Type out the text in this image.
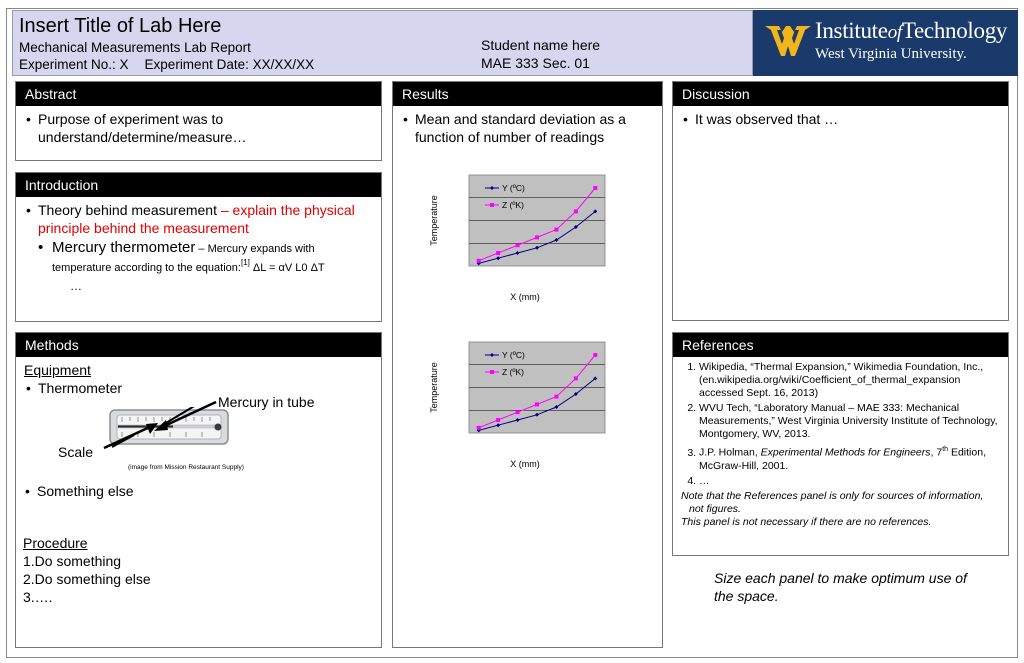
Insert Title of Lab Here
Mechanical Measurements Lab Report
Experiment No.: X Experiment Date: XX/XX/XX
Student name here
MAE 333 Sec. 01
InstituteofTechnology
West Virginia University.
Abstract
• Purpose of experiment was to understand/determine/measure…
Introduction
• Theory behind measurement – explain the physical principle behind the measurement
• Mercury thermometer – Mercury expands with temperature according to the equation:[1] ΔL = αV L0 ΔT
…
Methods
Equipment
• Thermometer
Mercury in tube
Scale
(image from Mission Restaurant Supply)
• Something else
Procedure
1.Do something
2.Do something else
3.….
Results
• Mean and standard deviation as a function of number of readings
Y (ºC)
Z (ºK)
X (mm)
Temperature
Y (ºC)
Z (ºK)
X (mm)
Temperature
Discussion
• It was observed that …
References
1. Wikipedia, “Thermal Expansion,” Wikimedia Foundation, Inc., (en.wikipedia.org/wiki/Coefficient_of_thermal_expansion accessed Sept. 16, 2013)
2. WVU Tech, “Laboratory Manual – MAE 333: Mechanical Measurements,” West Virginia University Institute of Technology, Montgomery, WV, 2013.
3. J.P. Holman, Experimental Methods for Engineers, 7th Edition, McGraw-Hill, 2001.
4. …
Note that the References panel is only for sources of information, not figures.
This panel is not necessary if there are no references.
Size each panel to make optimum use of the space.
